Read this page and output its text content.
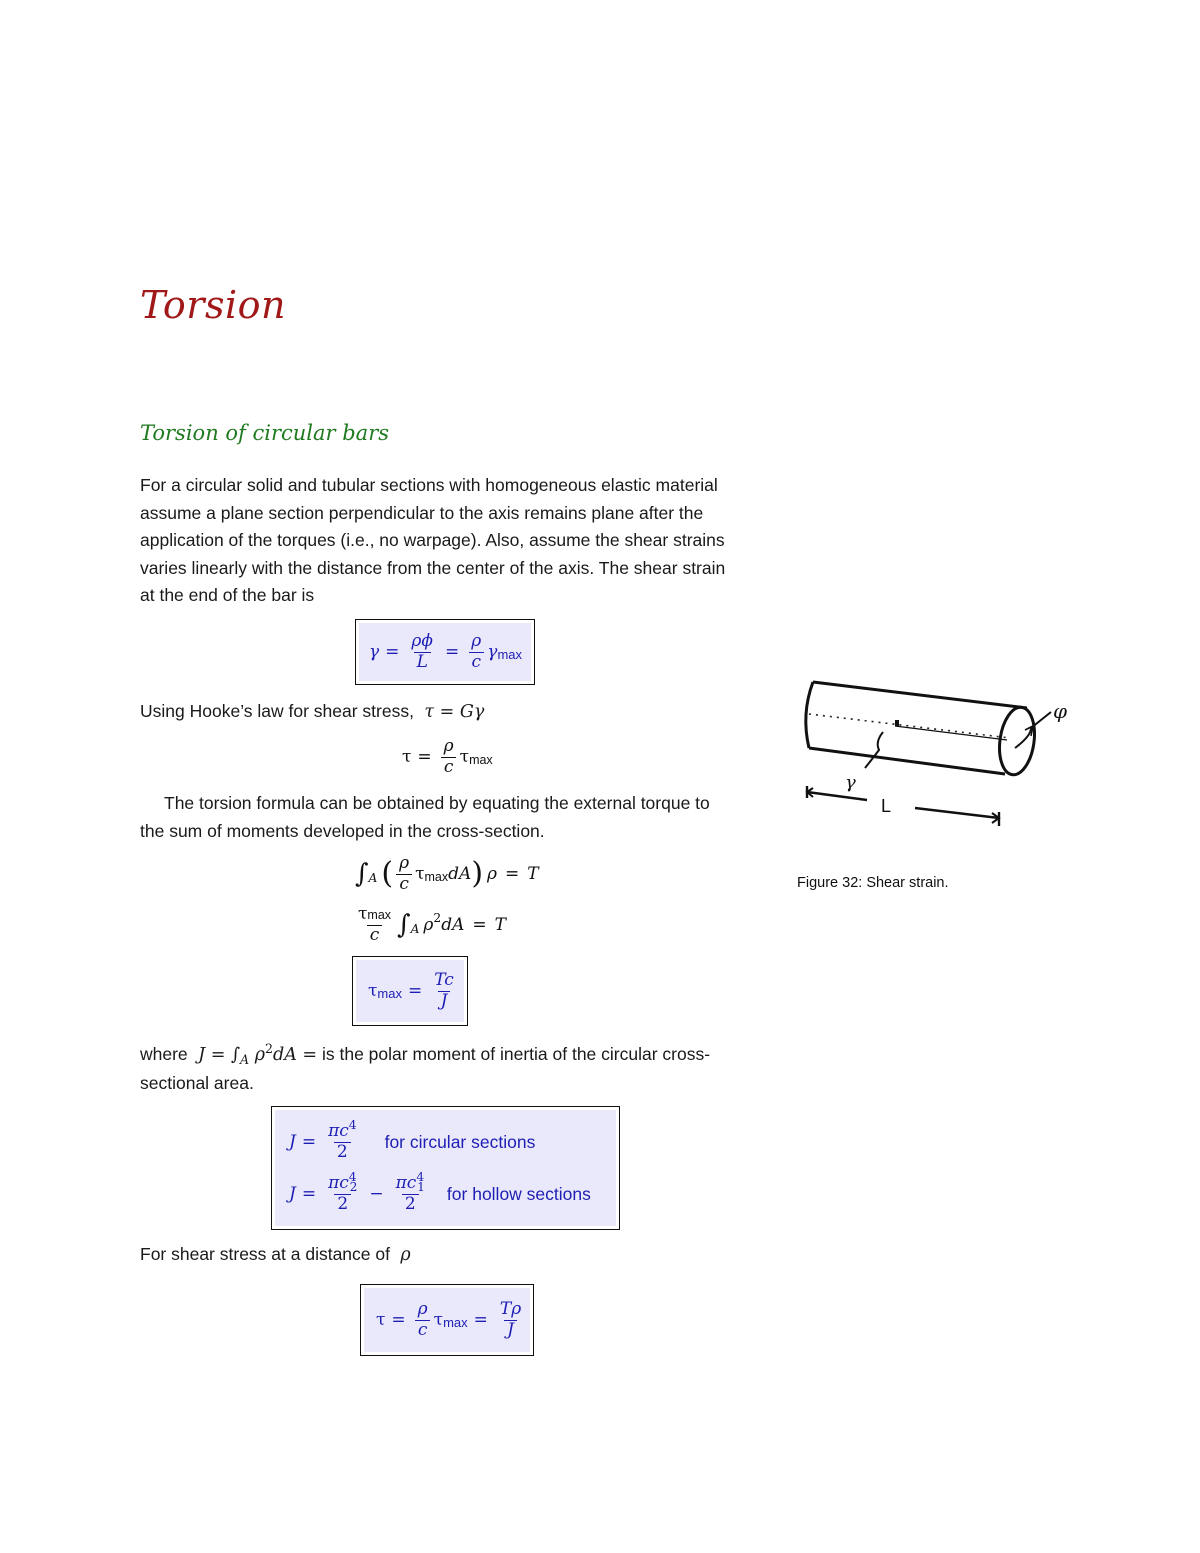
Torsion
Torsion of circular bars

For a circular solid and tubular sections with homogeneous elastic material assume a plane section perpendicular to the axis remains plane after the application of the torques (i.e., no warpage). Also, assume the shear strains varies linearly with the distance from the center of the axis. The shear strain at the end of the bar is

$\gamma = \frac{\rho\phi}{L} = \frac{\rho}{c}$ γ max
Using Hooke’s law for shear stress,  τ = Gγ
$\tau = \frac{\rho}{c}$ τ max

The torsion formula can be obtained by equating the external torque to the sum of moments developed in the cross-section.

∫ A ( $\frac{\rho}{c}$ τ max dA ) ρ = T
$\frac{\tau\max}{c}$ ∫ A ρ 2 dA = T
τ $\max = \frac{Tc}{J}$
where  $J = \int_A$ $\rho^2dA$ = is the polar moment of inertia of the circular cross-sectional area.
$J = \frac{\pi c^4}{2}$ for circular sections
$J = \frac{\pi c^42}{2} - \frac{\pi c^41}{2}$ for hollow sections
For shear stress at a distance of  ρ
$\tau = \frac{\rho}{c}$ τ $\max = \frac{T\rho}{J}$
φ
γ
L
Figure 32: Shear strain.
